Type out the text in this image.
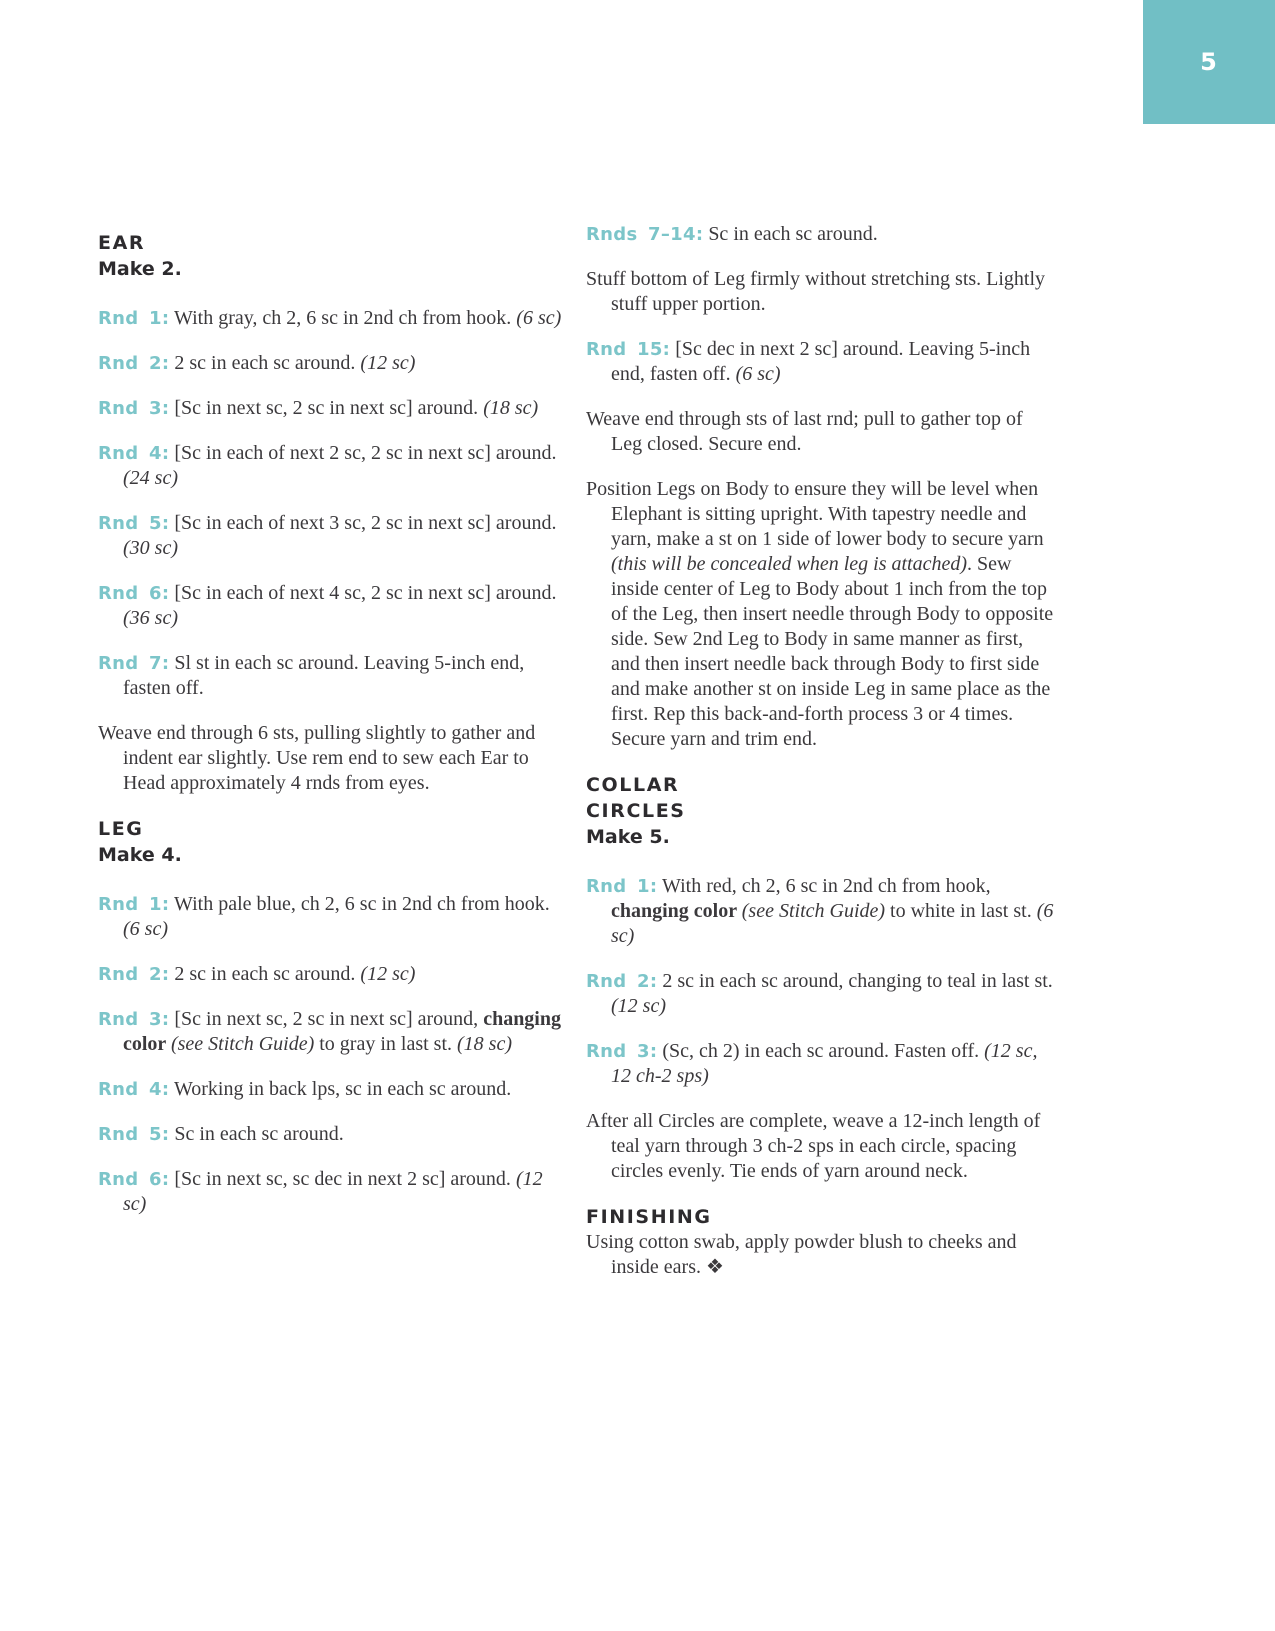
5
EAR
Make 2.

Rnd 1: With gray, ch 2, 6 sc in 2nd ch from hook. (6 sc)

Rnd 2: 2 sc in each sc around. (12 sc)

Rnd 3: [Sc in next sc, 2 sc in next sc] around. (18 sc)

Rnd 4: [Sc in each of next 2 sc, 2 sc in next sc] around. (24 sc)

Rnd 5: [Sc in each of next 3 sc, 2 sc in next sc] around. (30 sc)

Rnd 6: [Sc in each of next 4 sc, 2 sc in next sc] around. (36 sc)

Rnd 7: Sl st in each sc around. Leaving 5-inch end, fasten off.

Weave end through 6 sts, pulling slightly to gather and indent ear slightly. Use rem end to sew each Ear to Head approximately 4 rnds from eyes.

LEG
Make 4.

Rnd 1: With pale blue, ch 2, 6 sc in 2nd ch from hook. (6 sc)

Rnd 2: 2 sc in each sc around. (12 sc)

Rnd 3: [Sc in next sc, 2 sc in next sc] around, changing color (see Stitch Guide) to gray in last st. (18 sc)

Rnd 4: Working in back lps, sc in each sc around.

Rnd 5: Sc in each sc around.

Rnd 6: [Sc in next sc, sc dec in next 2 sc] around. (12 sc)

Rnds 7–14: Sc in each sc around.

Stuff bottom of Leg firmly without stretching sts. Lightly stuff upper portion.

Rnd 15: [Sc dec in next 2 sc] around. Leaving 5-inch end, fasten off. (6 sc)

Weave end through sts of last rnd; pull to gather top of Leg closed. Secure end.

Position Legs on Body to ensure they will be level when Elephant is sitting upright. With tapestry needle and yarn, make a st on 1 side of lower body to secure yarn (this will be concealed when leg is attached). Sew inside center of Leg to Body about 1 inch from the top of the Leg, then insert needle through Body to opposite side. Sew 2nd Leg to Body in same manner as first, and then insert needle back through Body to first side and make another st on inside Leg in same place as the first. Rep this back-and-forth process 3 or 4 times. Secure yarn and trim end.

COLLAR
CIRCLES
Make 5.

Rnd 1: With red, ch 2, 6 sc in 2nd ch from hook, changing color (see Stitch Guide) to white in last st. (6 sc)

Rnd 2: 2 sc in each sc around, changing to teal in last st. (12 sc)

Rnd 3: (Sc, ch 2) in each sc around. Fasten off. (12 sc, 12 ch-2 sps)

After all Circles are complete, weave a 12-inch length of teal yarn through 3 ch-2 sps in each circle, spacing circles evenly. Tie ends of yarn around neck.

FINISHING

Using cotton swab, apply powder blush to cheeks and inside ears. ❖
